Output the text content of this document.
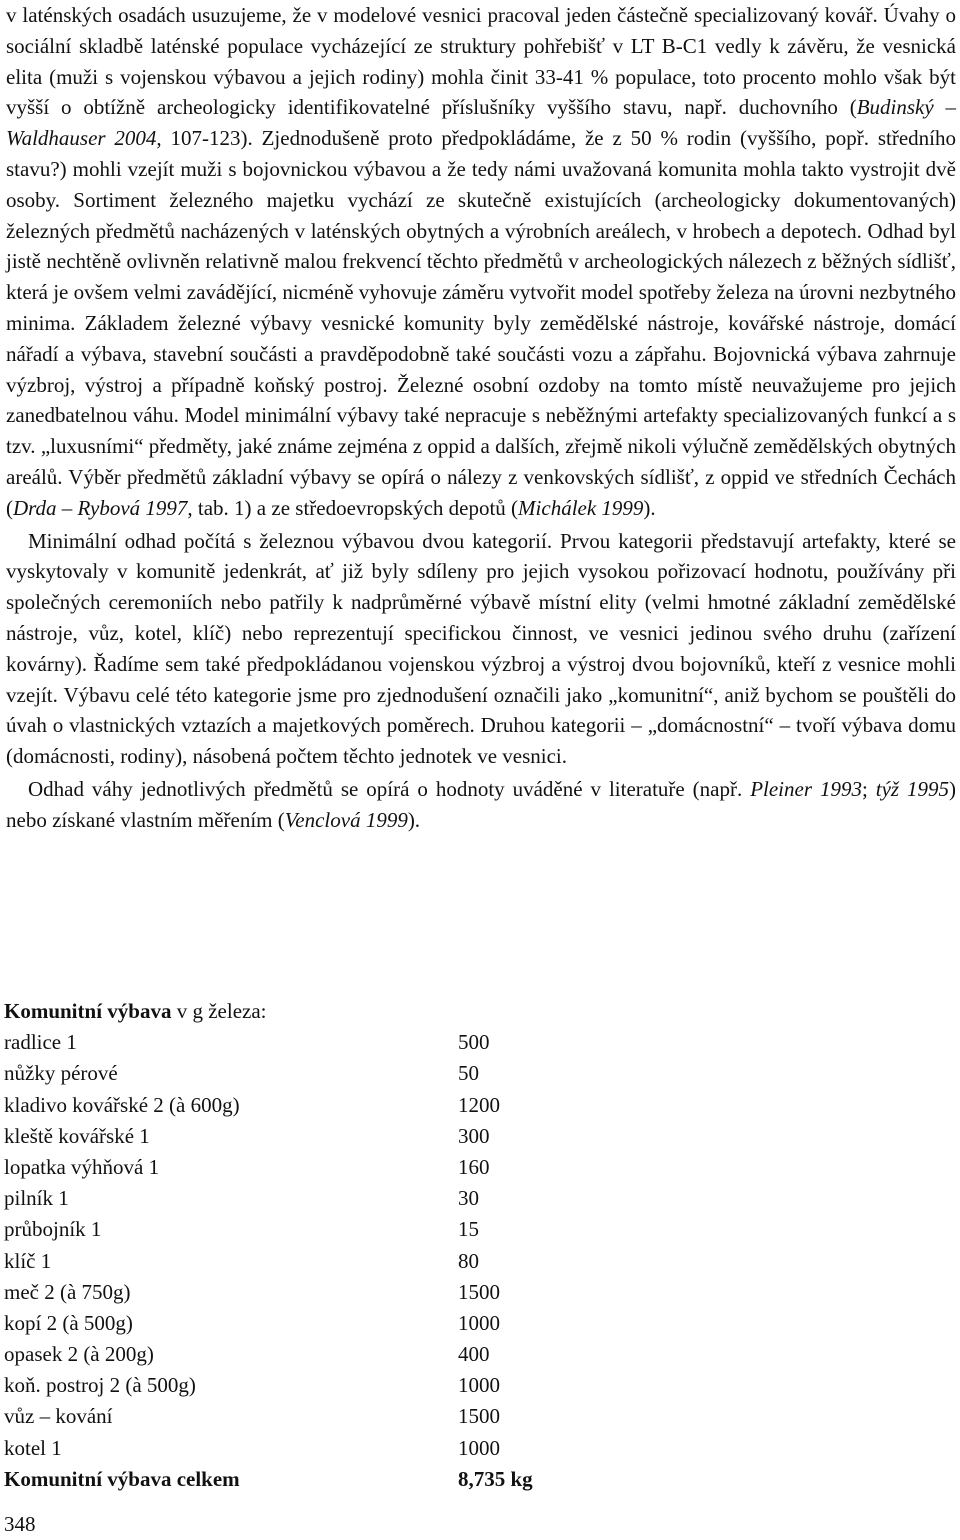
v laténských osadách usuzujeme, že v modelové vesnici pracoval jeden částečně specializovaný kovář. Úvahy o sociální skladbě laténské populace vycházející ze struktury pohřebišť v LT B-C1 vedly k závěru, že vesnická elita (muži s vojenskou výbavou a jejich rodiny) mohla činit 33-41 % populace, toto procento mohlo však být vyšší o obtížně archeologicky identifikovatelné příslušníky vyššího stavu, např. duchovního (Budinský – Waldhauser 2004, 107-123). Zjednodušeně proto předpokládáme, že z 50 % rodin (vyššího, popř. středního stavu?) mohli vzejít muži s bojovnickou výbavou a že tedy námi uvažovaná komunita mohla takto vystrojit dvě osoby. Sortiment železného majetku vychází ze skutečně existujících (archeologicky dokumentovaných) železných předmětů nacházených v laténských obytných a výrobních areálech, v hrobech a depotech. Odhad byl jistě nechtěně ovlivněn relativně malou frekvencí těchto předmětů v archeologických nálezech z běžných sídlišť, která je ovšem velmi zavádějící, nicméně vyhovuje záměru vytvořit model spotřeby železa na úrovni nezbytného minima. Základem železné výbavy vesnické komunity byly zemědělské nástroje, kovářské nástroje, domácí nářadí a výbava, stavební součásti a pravděpodobně také součásti vozu a zápřahu. Bojovnická výbava zahrnuje výzbroj, výstroj a případně koňský postroj. Železné osobní ozdoby na tomto místě neuvažujeme pro jejich zanedbatelnou váhu. Model minimální výbavy také nepracuje s neběžnými artefakty specializovaných funkcí a s tzv. „luxusními“ předměty, jaké známe zejména z oppid a dalších, zřejmě nikoli výlučně zemědělských obytných areálů. Výběr předmětů základní výbavy se opírá o nálezy z venkovských sídlišť, z oppid ve středních Čechách (Drda – Rybová 1997, tab. 1) a ze středoevropských depotů (Michálek 1999).

Minimální odhad počítá s železnou výbavou dvou kategorií. Prvou kategorii představují artefakty, které se vyskytovaly v komunitě jedenkrát, ať již byly sdíleny pro jejich vysokou pořizovací hodnotu, používány při společných ceremoniích nebo patřily k nadprůměrné výbavě místní elity (velmi hmotné základní zemědělské nástroje, vůz, kotel, klíč) nebo reprezentují specifickou činnost, ve vesnici jedinou svého druhu (zařízení kovárny). Řadíme sem také předpokládanou vojenskou výzbroj a výstroj dvou bojovníků, kteří z vesnice mohli vzejít. Výbavu celé této kategorie jsme pro zjednodušení označili jako „komunitní“, aniž bychom se pouštěli do úvah o vlastnických vztazích a majetkových poměrech. Druhou kategorii – „domácnostní“ – tvoří výbava domu (domácnosti, rodiny), násobená počtem těchto jednotek ve vesnici.

Odhad váhy jednotlivých předmětů se opírá o hodnoty uváděné v literatuře (např. Pleiner 1993; týž 1995) nebo získané vlastním měřením (Venclová 1999).

Komunitní výbava v g železa:
radlice 1	500
nůžky pérové	50
kladivo kovářské 2 (à 600g)	1200
kleště kovářské 1	300
lopatka výhňová 1	160
pilník 1	30
průbojník 1	15
klíč 1	80
meč 2 (à 750g)	1500
kopí 2 (à 500g)	1000
opasek 2 (à 200g)	400
koň. postroj 2 (à 500g)	1000
vůz – kování	1500
kotel 1	1000
Komunitní výbava celkem	8,735 kg
348
